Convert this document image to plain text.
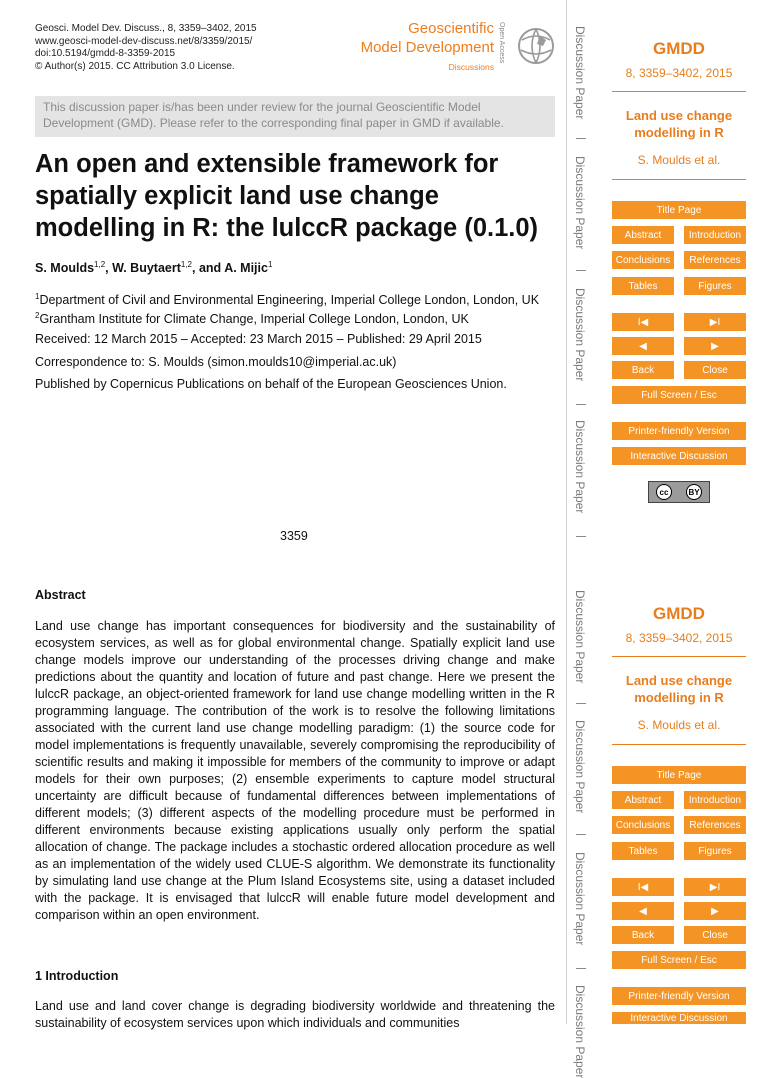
Geosci. Model Dev. Discuss., 8, 3359–3402, 2015
www.geosci-model-dev-discuss.net/8/3359/2015/
doi:10.5194/gmdd-8-3359-2015
© Author(s) 2015. CC Attribution 3.0 License.
Geoscientific
Model Development
Discussions
Open Access
This discussion paper is/has been under review for the journal Geoscientific Model Development (GMD). Please refer to the corresponding final paper in GMD if available.
An open and extensible framework for spatially explicit land use change modelling in R: the lulccR package (0.1.0)
S. Moulds$^{1,2}$, W. Buytaert$^{1,2}$, and A. Mijic$^1$
$^1$Department of Civil and Environmental Engineering, Imperial College London, London, UK
$^2$Grantham Institute for Climate Change, Imperial College London, London, UK
Received: 12 March 2015 – Accepted: 23 March 2015 – Published: 29 April 2015
Correspondence to: S. Moulds (simon.moulds10@imperial.ac.uk)
Published by Copernicus Publications on behalf of the European Geosciences Union.
3359
Abstract

Land use change has important consequences for biodiversity and the sustainability of ecosystem services, as well as for global environmental change. Spatially explicit land use change models improve our understanding of the processes driving change and make predictions about the quantity and location of future and past change. Here we present the lulccR package, an object-oriented framework for land use change modelling written in the R programming language. The contribution of the work is to resolve the following limitations associated with the current land use change modelling paradigm: (1) the source code for model implementations is frequently unavailable, severely compromising the reproducibility of scientific results and making it impossible for members of the community to improve or adapt models for their own purposes; (2) ensemble experiments to capture model structural uncertainty are difficult because of fundamental differences between implementations of different models; (3) different aspects of the modelling procedure must be performed in different environments because existing applications usually only perform the spatial allocation of change. The package includes a stochastic ordered allocation procedure as well as an implementation of the widely used CLUE-S algorithm. We demonstrate its functionality by simulating land use change at the Plum Island Ecosystems site, using a dataset included with the package. It is envisaged that lulccR will enable future model development and comparison within an open environment.

1 Introduction

Land use and land cover change is degrading biodiversity worldwide and threatening the sustainability of ecosystem services upon which individuals and communities

Discussion Paper
Discussion Paper
Discussion Paper
Discussion Paper
Discussion Paper
Discussion Paper
Discussion Paper
Discussion Paper
GMDD
8, 3359–3402, 2015
Land use change modelling in R
S. Moulds et al.
Title Page
Abstract	Introduction
Conclusions	References
Tables	Figures
I◀	▶I
◀	▶
Back	Close
Full Screen / Esc
Printer-friendly Version
Interactive Discussion
cc	BY
GMDD
8, 3359–3402, 2015
Land use change modelling in R
S. Moulds et al.
Title Page
Abstract	Introduction
Conclusions	References
Tables	Figures
I◀	▶I
◀	▶
Back	Close
Full Screen / Esc
Printer-friendly Version
Interactive Discussion
